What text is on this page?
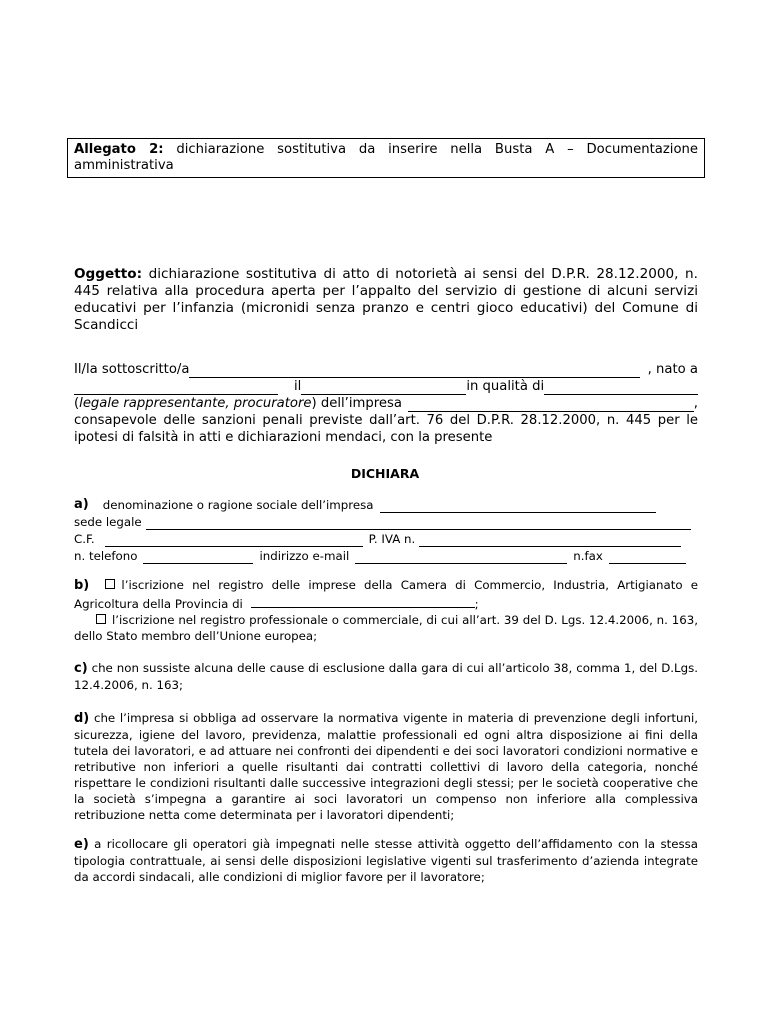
Allegato 2: dichiarazione sostitutiva da inserire nella Busta A – Documentazione amministrativa
Oggetto: dichiarazione sostitutiva di atto di notorietà ai sensi del D.P.R. 28.12.2000, n. 445 relativa alla procedura aperta per l’appalto del servizio di gestione di alcuni servizi educativi per l’infanzia (micronidi senza pranzo e centri gioco educativi) del Comune di Scandicci
Il/la sottoscritto/a	, nato a
il	in qualità di
( legale rappresentante, procuratore ) dell’impresa	,
consapevole delle sanzioni penali previste dall’art. 76 del D.P.R. 28.12.2000, n. 445 per le ipotesi di falsità in atti e dichiarazioni mendaci, con la presente
DICHIARA
a) denominazione o ragione sociale dell’impresa
sede legale
C.F.	P. IVA n.
n. telefono	indirizzo e-mail	n.fax
b)	l’iscrizione nel registro delle imprese della Camera di Commercio, Industria, Artigianato e Agricoltura della Provincia di	;
l’iscrizione nel registro professionale o commerciale, di cui all’art. 39 del D. Lgs. 12.4.2006, n. 163, dello Stato membro dell’Unione europea;
c) che non sussiste alcuna delle cause di esclusione dalla gara di cui all’articolo 38, comma 1, del D.Lgs. 12.4.2006, n. 163;
d) che l’impresa si obbliga ad osservare la normativa vigente in materia di prevenzione degli infortuni, sicurezza, igiene del lavoro, previdenza, malattie professionali ed ogni altra disposizione ai fini della tutela dei lavoratori, e ad attuare nei confronti dei dipendenti e dei soci lavoratori condizioni normative e retributive non inferiori a quelle risultanti dai contratti collettivi di lavoro della categoria, nonché rispettare le condizioni risultanti dalle successive integrazioni degli stessi; per le società cooperative che la società s’impegna a garantire ai soci lavoratori un compenso non inferiore alla complessiva retribuzione netta come determinata per i lavoratori dipendenti;
e) a ricollocare gli operatori già impegnati nelle stesse attività oggetto dell’affidamento con la stessa tipologia contrattuale, ai sensi delle disposizioni legislative vigenti sul trasferimento d’azienda integrate da accordi sindacali, alle condizioni di miglior favore per il lavoratore;
